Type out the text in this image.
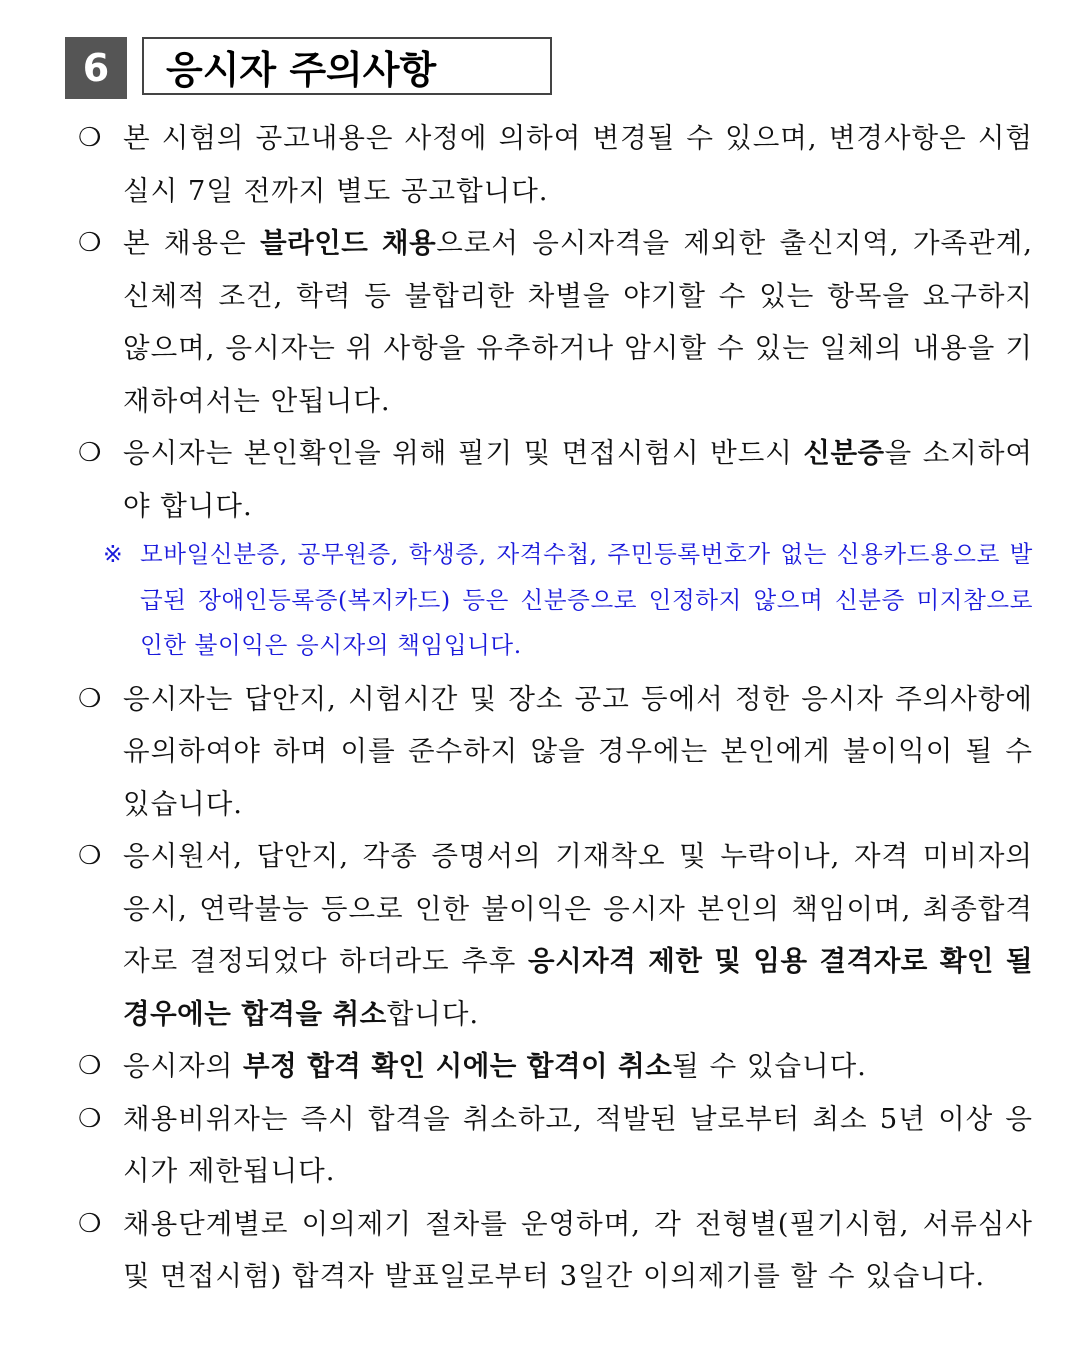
6	응시자 주의사항
❍ 본 시험의 공고내용은 사정에 의하여 변경될 수 있으며, 변경사항은 시험실시 7일 전까지 별도 공고합니다.
❍ 본 채용은 블라인드 채용으로서 응시자격을 제외한 출신지역, 가족관계, 신체적 조건, 학력 등 불합리한 차별을 야기할 수 있는 항목을 요구하지 않으며, 응시자는 위 사항을 유추하거나 암시할 수 있는 일체의 내용을 기재하여서는 안됩니다.
❍ 응시자는 본인확인을 위해 필기 및 면접시험시 반드시 신분증을 소지하여야 합니다.
※ 모바일신분증, 공무원증, 학생증, 자격수첩, 주민등록번호가 없는 신용카드용으로 발급된 장애인등록증(복지카드) 등은 신분증으로 인정하지 않으며 신분증 미지참으로 인한 불이익은 응시자의 책임입니다.
❍ 응시자는 답안지, 시험시간 및 장소 공고 등에서 정한 응시자 주의사항에 유의하여야 하며 이를 준수하지 않을 경우에는 본인에게 불이익이 될 수 있습니다.
❍ 응시원서, 답안지, 각종 증명서의 기재착오 및 누락이나, 자격 미비자의 응시, 연락불능 등으로 인한 불이익은 응시자 본인의 책임이며, 최종합격자로 결정되었다 하더라도 추후 응시자격 제한 및 임용 결격자로 확인 될 경우에는 합격을 취소합니다.
❍ 응시자의 부정 합격 확인 시에는 합격이 취소될 수 있습니다.
❍ 채용비위자는 즉시 합격을 취소하고, 적발된 날로부터 최소 5년 이상 응시가 제한됩니다.
❍ 채용단계별로 이의제기 절차를 운영하며, 각 전형별(필기시험, 서류심사 및 면접시험) 합격자 발표일로부터 3일간 이의제기를 할 수 있습니다.
